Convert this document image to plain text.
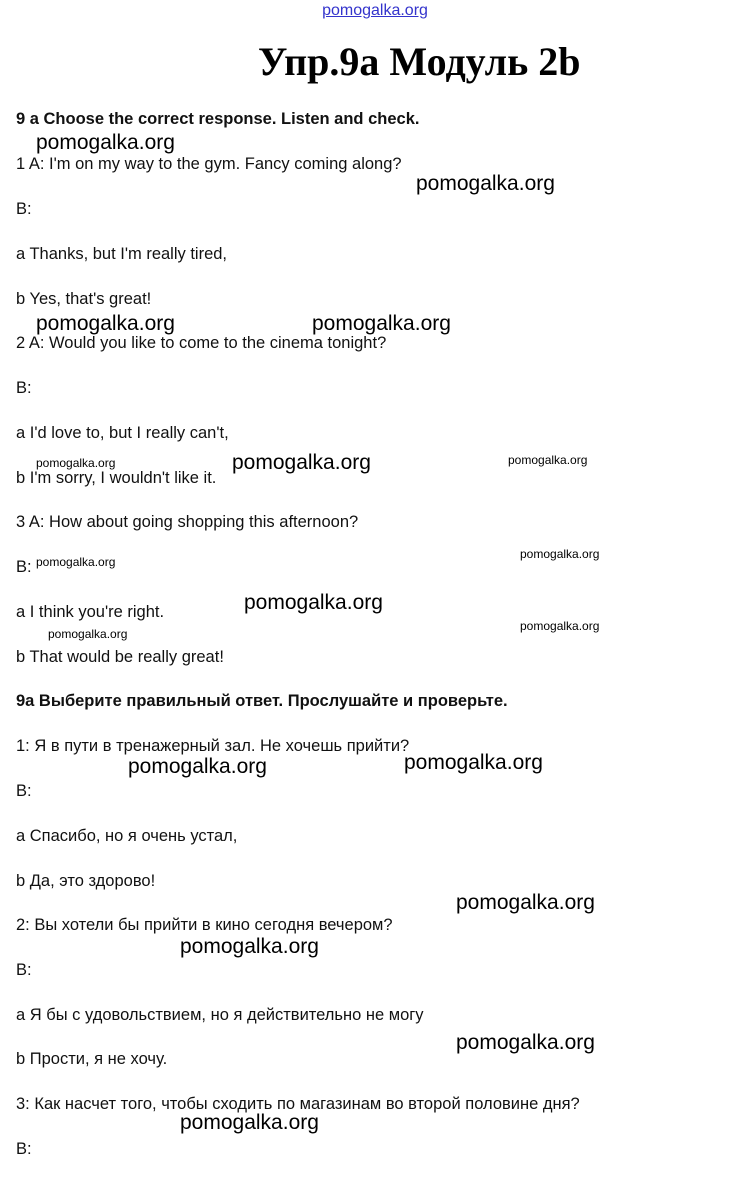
pomogalka.org
Упр.9a Модуль 2b
9 a Choose the correct response. Listen and check.
1 A: I'm on my way to the gym. Fancy coming along?
B:
a Thanks, but I'm really tired,
b Yes, that's great!
2 A: Would you like to come to the cinema tonight?
B:
a I'd love to, but I really can't,
b I'm sorry, I wouldn't like it.
3 A: How about going shopping this afternoon?
B:
a I think you're right.
b That would be really great!
9a Выберите правильный ответ. Прослушайте и проверьте.
1: Я в пути в тренажерный зал. Не хочешь прийти?
B:
a Спасибо, но я очень устал,
b Да, это здорово!
2: Вы хотели бы прийти в кино сегодня вечером?
B:
a Я бы с удовольствием, но я действительно не могу
b Прости, я не хочу.
3: Как насчет того, чтобы сходить по магазинам во второй половине дня?
B:
pomogalka.org
pomogalka.org
pomogalka.org	pomogalka.org
pomogalka.org	pomogalka.org	pomogalka.org
pomogalka.org
pomogalka.org
pomogalka.org
pomogalka.org
pomogalka.org
pomogalka.org	pomogalka.org
pomogalka.org
pomogalka.org
pomogalka.org
pomogalka.org
